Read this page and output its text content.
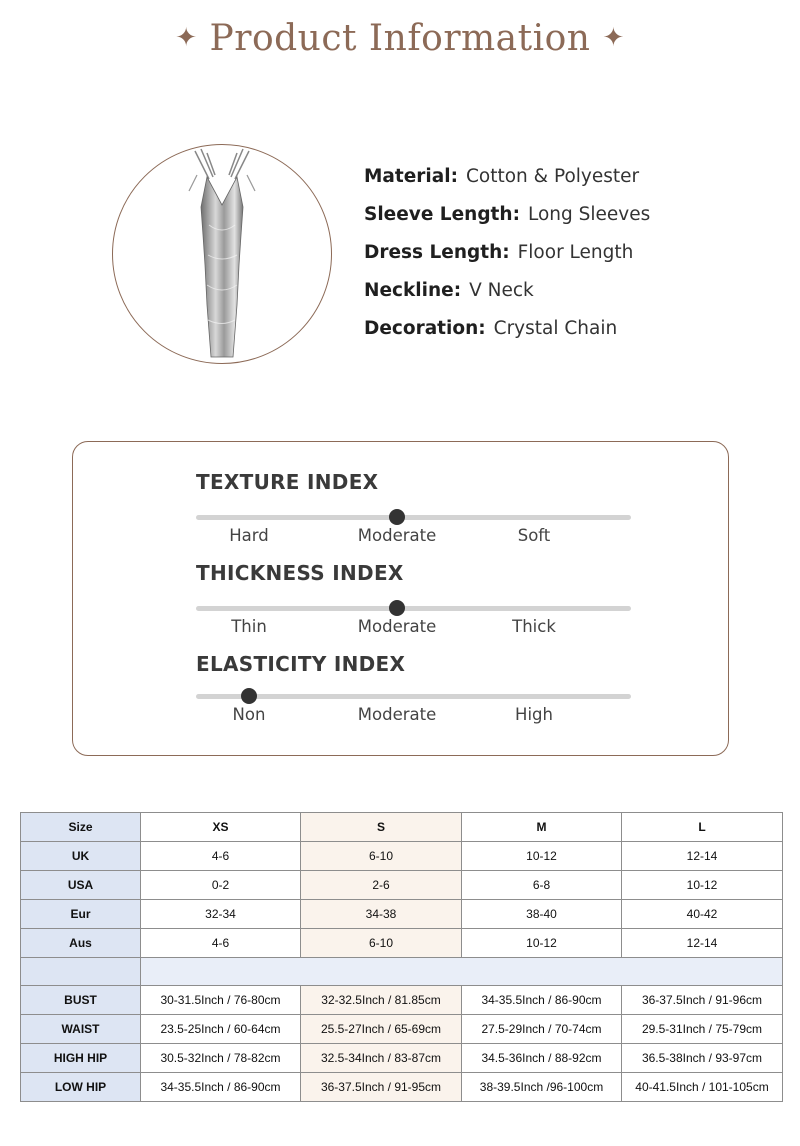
✦ Product Information ✦
Material: Cotton & Polyester
Sleeve Length: Long Sleeves
Dress Length: Floor Length
Neckline: V Neck
Decoration: Crystal Chain
TEXTURE INDEX
Hard	Moderate	Soft
THICKNESS INDEX
Thin	Moderate	Thick
ELASTICITY INDEX
Non	Moderate	High
Size	XS	S	M	L
UK	4-6	6-10	10-12	12-14
USA	0-2	2-6	6-8	10-12
Eur	32-34	34-38	38-40	40-42
Aus	4-6	6-10	10-12	12-14

BUST	30-31.5Inch / 76-80cm	32-32.5Inch / 81.85cm	34-35.5Inch / 86-90cm	36-37.5Inch / 91-96cm
WAIST	23.5-25Inch / 60-64cm	25.5-27Inch / 65-69cm	27.5-29Inch / 70-74cm	29.5-31Inch / 75-79cm
HIGH HIP	30.5-32Inch / 78-82cm	32.5-34Inch / 83-87cm	34.5-36Inch / 88-92cm	36.5-38Inch / 93-97cm
LOW HIP	34-35.5Inch / 86-90cm	36-37.5Inch / 91-95cm	38-39.5Inch /96-100cm	40-41.5Inch / 101-105cm
